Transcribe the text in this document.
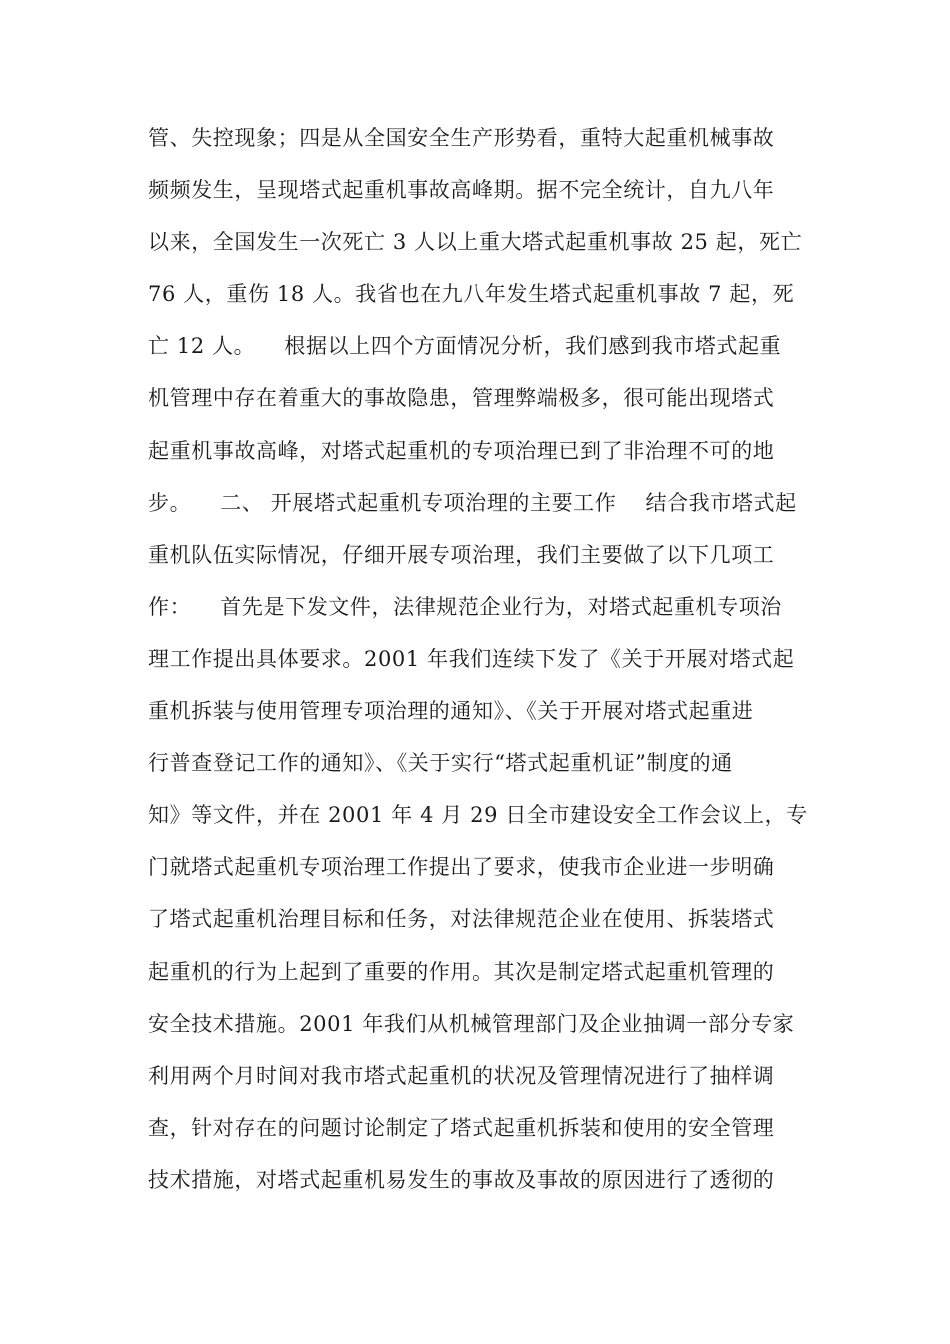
管、失控现象；四是从全国安全生产形势看，重特大起重机械事故
频频发生，呈现塔式起重机事故高峰期。据不完全统计，自九八年
以来，全国发生一次死亡 3 人以上重大塔式起重机事故 25 起，死亡
76 人，重伤 18 人。我省也在九八年发生塔式起重机事故 7 起，死
亡 12 人。    根据以上四个方面情况分析，我们感到我市塔式起重
机管理中存在着重大的事故隐患，管理弊端极多，很可能出现塔式
起重机事故高峰，对塔式起重机的专项治理已到了非治理不可的地
步。    二、 开展塔式起重机专项治理的主要工作    结合我市塔式起
重机队伍实际情况，仔细开展专项治理，我们主要做了以下几项工
作：    首先是下发文件，法律规范企业行为，对塔式起重机专项治
理工作提出具体要求。2001 年我们连续下发了《关于开展对塔式起
重机拆装与使用管理专项治理的通知》、《关于开展对塔式起重进
行普查登记工作的通知》、《关于实行“塔式起重机证”制度的通
知》等文件，并在 2001 年 4 月 29 日全市建设安全工作会议上，专
门就塔式起重机专项治理工作提出了要求，使我市企业进一步明确
了塔式起重机治理目标和任务，对法律规范企业在使用、拆装塔式
起重机的行为上起到了重要的作用。其次是制定塔式起重机管理的
安全技术措施。2001 年我们从机械管理部门及企业抽调一部分专家
利用两个月时间对我市塔式起重机的状况及管理情况进行了抽样调
查，针对存在的问题讨论制定了塔式起重机拆装和使用的安全管理
技术措施，对塔式起重机易发生的事故及事故的原因进行了透彻的
